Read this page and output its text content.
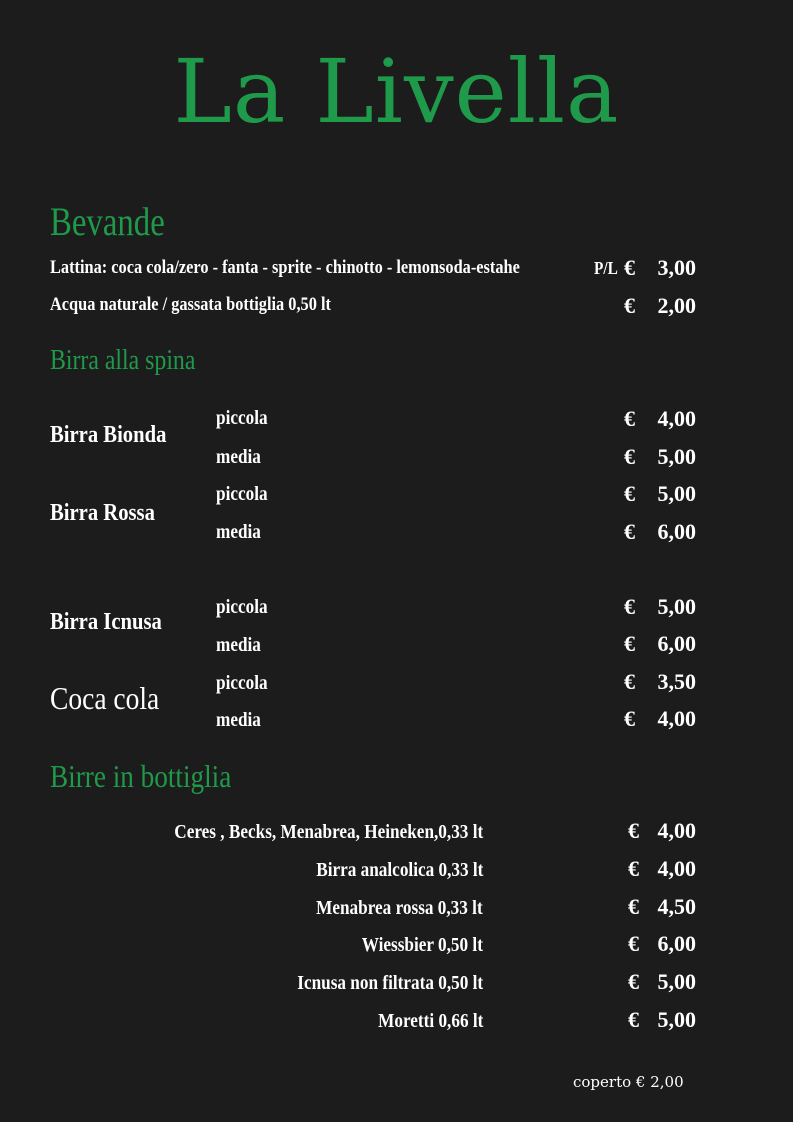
La Livella
Bevande
Lattina: coca cola/zero - fanta - sprite - chinotto - lemonsoda-estahe	P/L €	3,00
Acqua naturale / gassata bottiglia 0,50 lt	€	2,00
Birra alla spina
Birra Bionda
piccola	€	4,00
media	€	5,00
Birra Rossa
piccola	€	5,00
media	€	6,00
Birra Icnusa
piccola	€	5,00
media	€	6,00
Coca cola	piccola	€	3,50
media	€	4,00
Birre in bottiglia
Ceres , Becks, Menabrea, Heineken,0,33 lt	€ 4,00
Birra analcolica 0,33 lt	€ 4,00
Menabrea rossa 0,33 lt	€ 4,50
Wiessbier 0,50 lt	€ 6,00
Icnusa non filtrata 0,50 lt	€ 5,00
Moretti 0,66 lt	€ 5,00
coperto € 2,00
